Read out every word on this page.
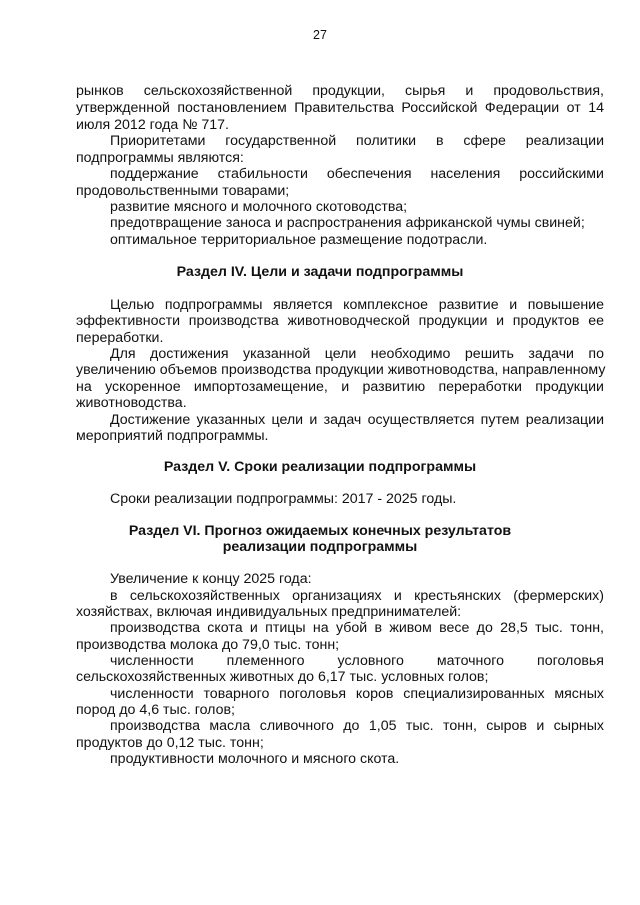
27
рынков сельскохозяйственной продукции, сырья и продовольствия,
утвержденной постановлением Правительства Российской Федерации от 14
июля 2012 года № 717.
Приоритетами государственной политики в сфере реализации
подпрограммы являются:
поддержание стабильности обеспечения населения российскими
продовольственными товарами;
развитие мясного и молочного скотоводства;
предотвращение заноса и распространения африканской чумы свиней;
оптимальное территориальное размещение подотрасли.
Раздел IV. Цели и задачи подпрограммы
Целью подпрограммы является комплексное развитие и повышение
эффективности производства животноводческой продукции и продуктов ее
переработки.
Для достижения указанной цели необходимо решить задачи по
увеличению объемов производства продукции животноводства, направленному
на ускоренное импортозамещение, и развитию переработки продукции
животноводства.
Достижение указанных цели и задач осуществляется путем реализации
мероприятий подпрограммы.
Раздел V. Сроки реализации подпрограммы
Сроки реализации подпрограммы: 2017 - 2025 годы.
Раздел VI. Прогноз ожидаемых конечных результатов
реализации подпрограммы
Увеличение к концу 2025 года:
в сельскохозяйственных организациях и крестьянских (фермерских)
хозяйствах, включая индивидуальных предпринимателей:
производства скота и птицы на убой в живом весе до 28,5 тыс. тонн,
производства молока до 79,0 тыс. тонн;
численности племенного условного маточного поголовья
сельскохозяйственных животных до 6,17 тыс. условных голов;
численности товарного поголовья коров специализированных мясных
пород до 4,6 тыс. голов;
производства масла сливочного до 1,05 тыс. тонн, сыров и сырных
продуктов до 0,12 тыс. тонн;
продуктивности молочного и мясного скота.
